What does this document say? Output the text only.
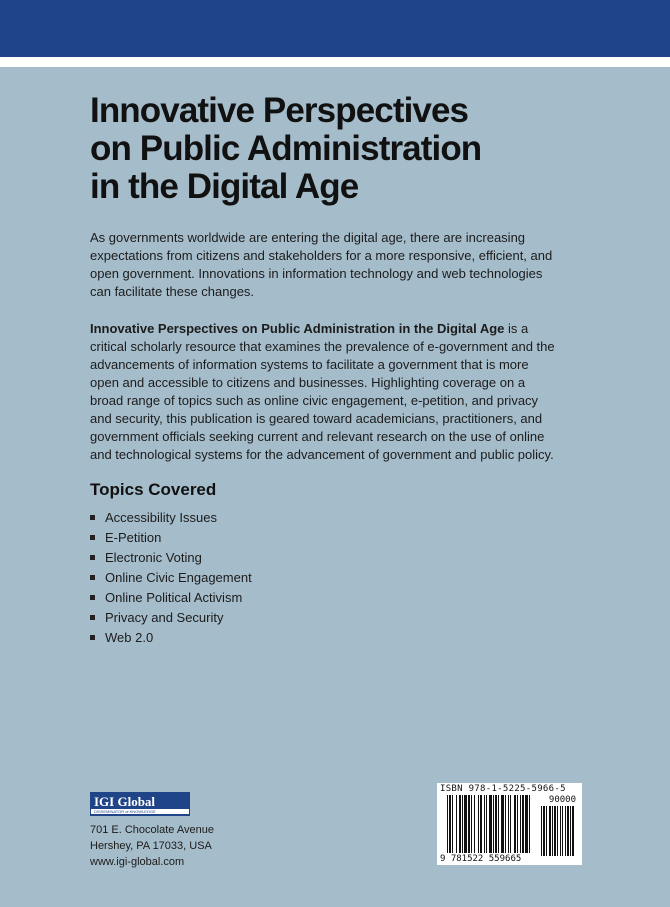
Innovative Perspectives
on Public Administration
in the Digital Age

As governments worldwide are entering the digital age, there are increasing expectations from citizens and stakeholders for a more responsive, efficient, and open government. Innovations in information technology and web technologies can facilitate these changes.

Innovative Perspectives on Public Administration in the Digital Age is a critical scholarly resource that examines the prevalence of e-government and the advancements of information systems to facilitate a government that is more open and accessible to citizens and businesses. Highlighting coverage on a broad range of topics such as online civic engagement, e-petition, and privacy and security, this publication is geared toward academicians, practitioners, and government officials seeking current and relevant research on the use of online and technological systems for the advancement of government and public policy.

Topics Covered
Accessibility Issues
E-Petition
Electronic Voting
Online Civic Engagement
Online Political Activism
Privacy and Security
Web 2.0
IGI Global
DISSEMINATOR of KNOWLEDGE
701 E. Chocolate Avenue
Hershey, PA 17033, USA
www.igi-global.com
ISBN 978-1-5225-5966-5
90000
9 781522 559665
